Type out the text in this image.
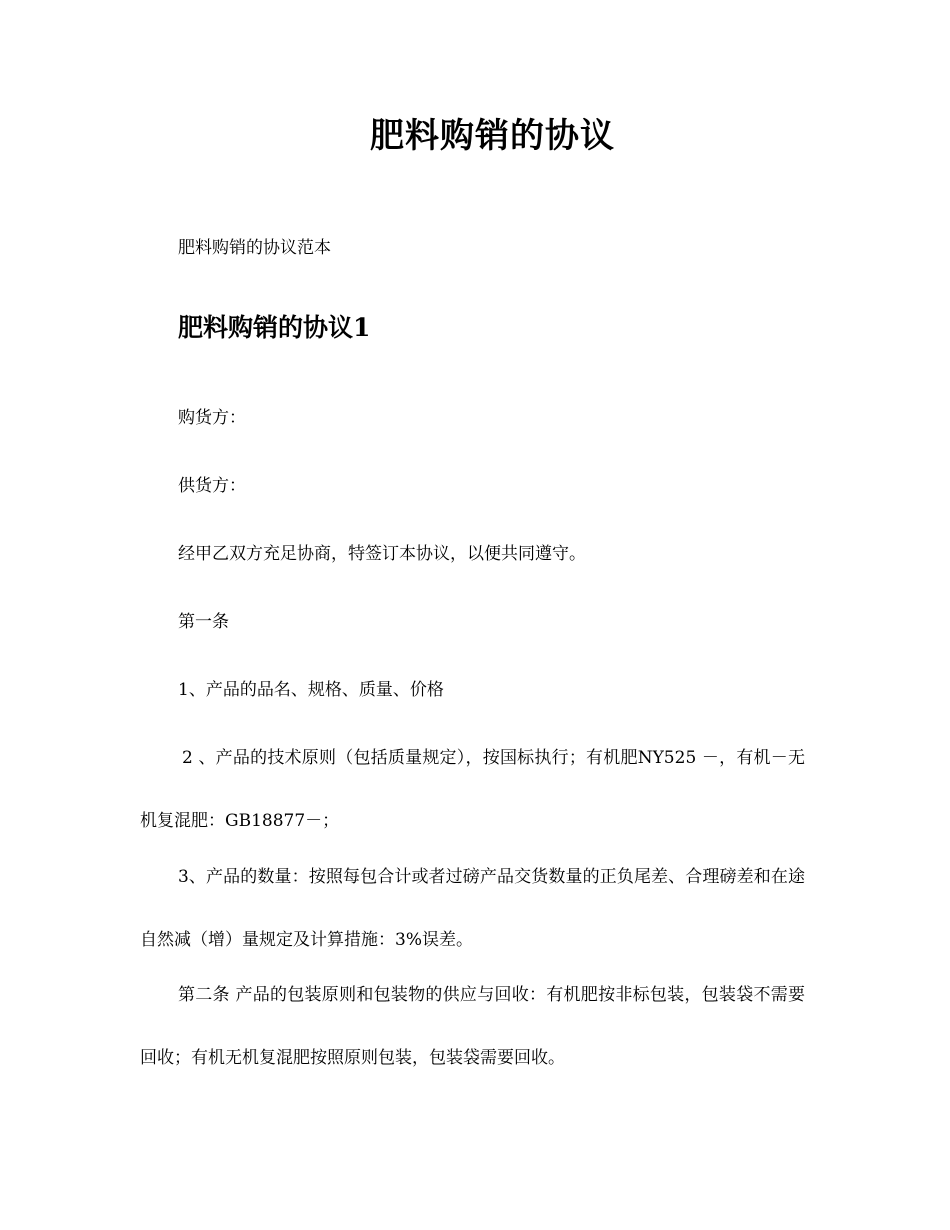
肥料购销的协议

肥料购销的协议范本

肥料购销的协议1

购货方：

供货方：

经甲乙双方充足协商，特签订本协议，以便共同遵守。

第一条

1、产品的品名、规格、质量、价格

2 、产品的技术原则（包括质量规定），按国标执行；有机肥NY525 －，有机－无机复混肥：GB18877－；

3、产品的数量：按照每包合计或者过磅产品交货数量的正负尾差、合理磅差和在途自然减（增）量规定及计算措施：3%误差。

第二条 产品的包装原则和包装物的供应与回收：有机肥按非标包装，包装袋不需要回收；有机无机复混肥按照原则包装，包装袋需要回收。
